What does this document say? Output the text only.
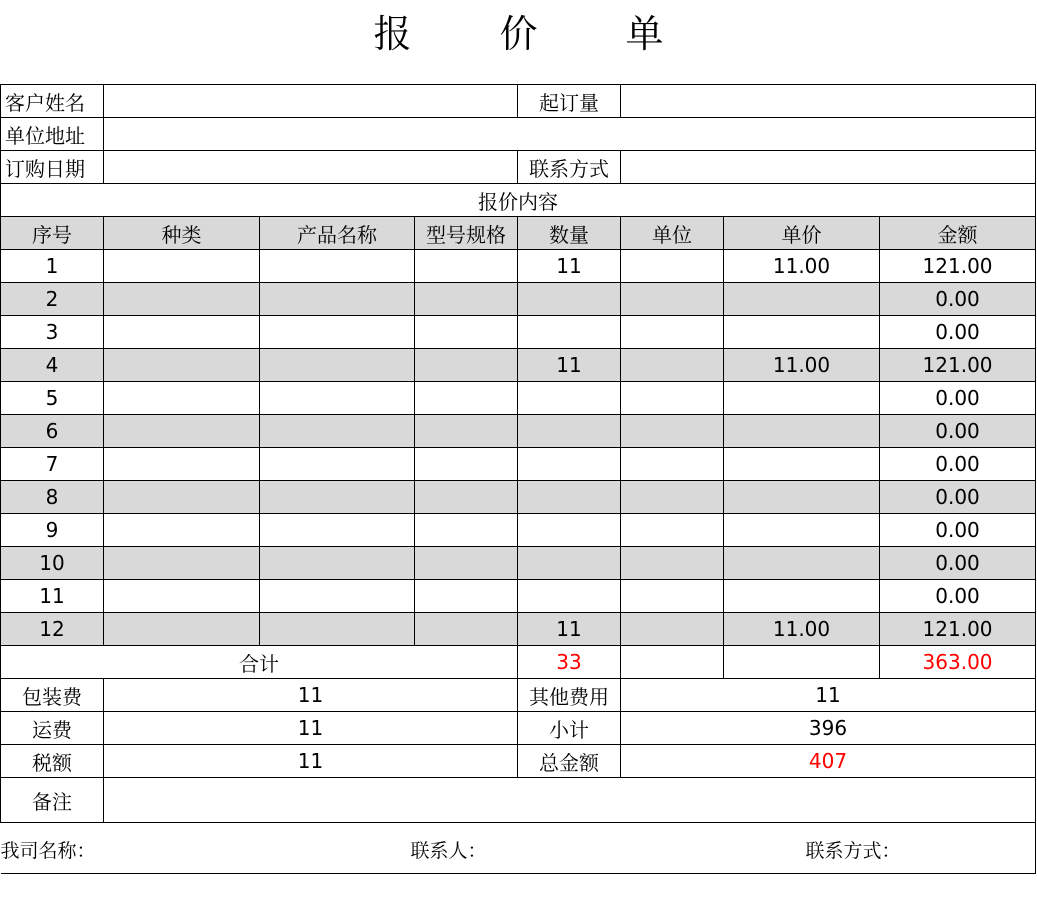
报 价 单
客户姓名				起订量			
单位地址							
订购日期				联系方式			
报价内容							
序号	种类	产品名称	型号规格	数量	单位	单价	金额
1				11		11.00	121.00
2							0.00
3							0.00
4				11		11.00	121.00
5							0.00
6							0.00
7							0.00
8							0.00
9							0.00
10							0.00
11							0.00
12				11		11.00	121.00
合计				33			363.00
包装费	11			其他费用	11		
运费	11			小计	396		
税额	11			总金额	407		
备注							

我司名称： 联系人： 联系方式：							
